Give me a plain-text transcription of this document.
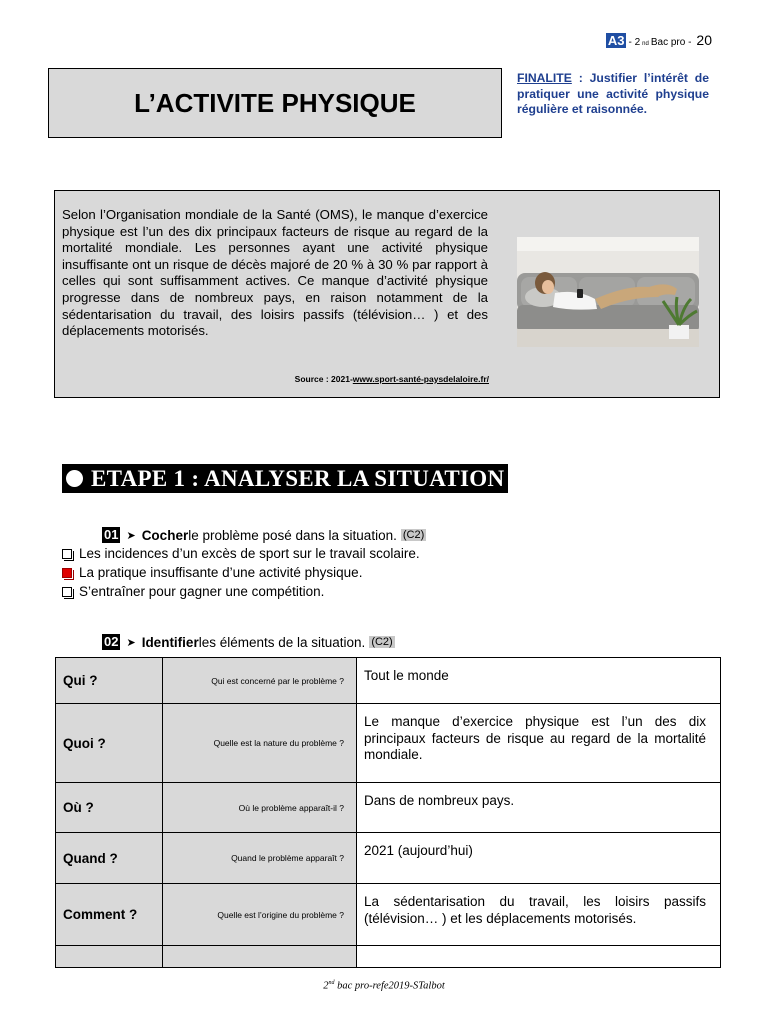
A3 - 2 nd Bac pro - 20
L’ACTIVITE PHYSIQUE
FINALITE : Justifier l’intérêt de pratiquer une activité physique régulière et raisonnée.
Selon l’Organisation mondiale de la Santé (OMS), le manque d’exercice physique est l’un des dix principaux facteurs de risque au regard de la mortalité mondiale. Les personnes ayant une activité physique insuffisante ont un risque de décès majoré de 20 % à 30 % par rapport à celles qui sont suffisamment actives. Ce manque d’activité physique progresse dans de nombreux pays, en raison notamment de la sédentarisation du travail, des loisirs passifs (télévision… ) et des déplacements motorisés.
Source : 2021-www.sport-santé-paysdelaloire.fr/
ETAPE 1 : ANALYSER LA SITUATION
01 ➤ Cocher le problème posé dans la situation. (C2)
Les incidences d’un excès de sport sur le travail scolaire.
La pratique insuffisante d’une activité physique.
S’entraîner pour gagner une compétition.
02 ➤ Identifier les éléments de la situation. (C2)
Qui ?	Qui est concerné par le problème ?	Tout le monde
Quoi ?	Quelle est la nature du problème ?	Le manque d’exercice physique est l’un des dix principaux facteurs de risque au regard de la mortalité mondiale.
Où ?	Où le problème apparaît-il ?	Dans de nombreux pays.
Quand ?	Quand le problème apparaît ?	2021 (aujourd’hui)
Comment ?	Quelle est l’origine du problème ?	La sédentarisation du travail, les loisirs passifs (télévision… ) et les déplacements motorisés.

2nd bac pro-refe2019-STalbot
